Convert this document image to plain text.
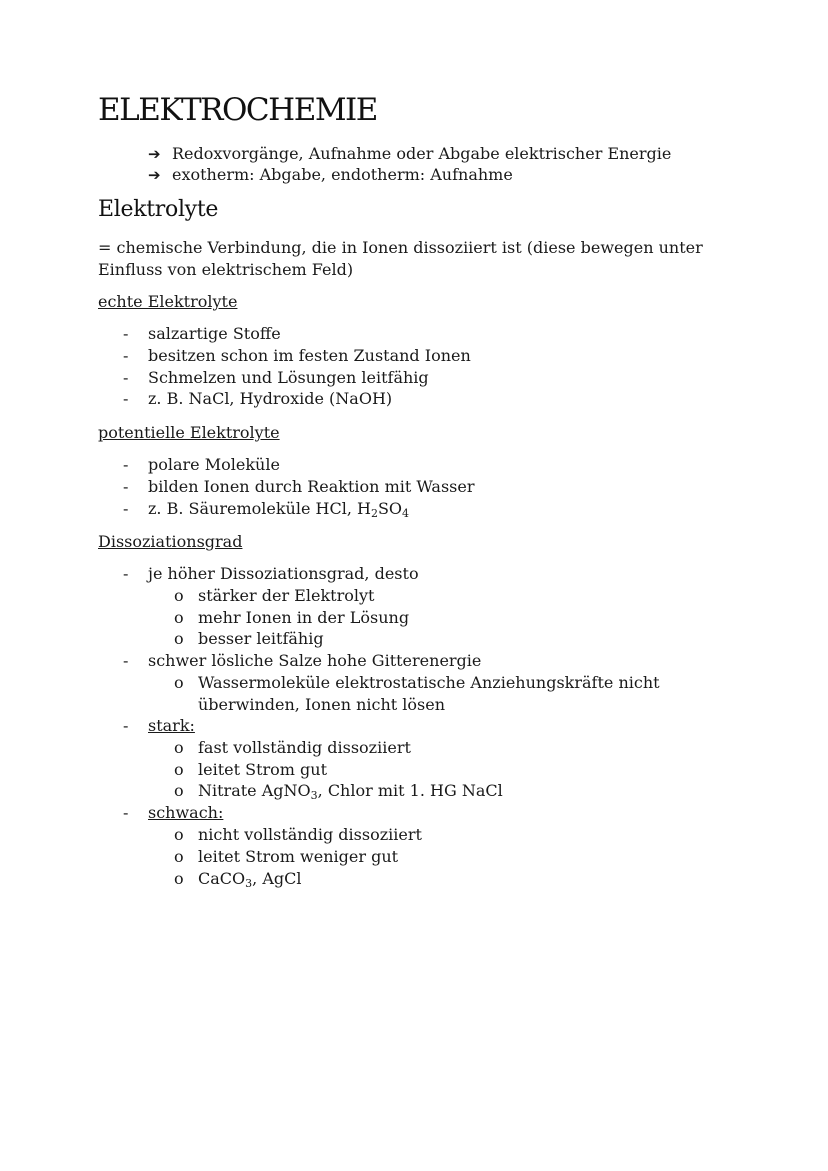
ELEKTROCHEMIE
➔ Redoxvorgänge, Aufnahme oder Abgabe elektrischer Energie
➔ exotherm: Abgabe, endotherm: Aufnahme
Elektrolyte
= chemische Verbindung, die in Ionen dissoziiert ist (diese bewegen unter
Einfluss von elektrischem Feld)
echte Elektrolyte
- salzartige Stoffe
- besitzen schon im festen Zustand Ionen
- Schmelzen und Lösungen leitfähig
- z. B. NaCl, Hydroxide (NaOH)
potentielle Elektrolyte
- polare Moleküle
- bilden Ionen durch Reaktion mit Wasser
- z. B. Säuremoleküle HCl, $H_2SO_4$
Dissoziationsgrad
- je höher Dissoziationsgrad, desto
o stärker der Elektrolyt
o mehr Ionen in der Lösung
o besser leitfähig
- schwer lösliche Salze hohe Gitterenergie
o Wassermoleküle elektrostatische Anziehungskräfte nicht
überwinden, Ionen nicht lösen
- stark:
o fast vollständig dissoziiert
o leitet Strom gut
o Nitrate AgNO$_3$, Chlor mit 1. HG NaCl
- schwach:
o nicht vollständig dissoziiert
o leitet Strom weniger gut
o CaCO$_3$, AgCl
